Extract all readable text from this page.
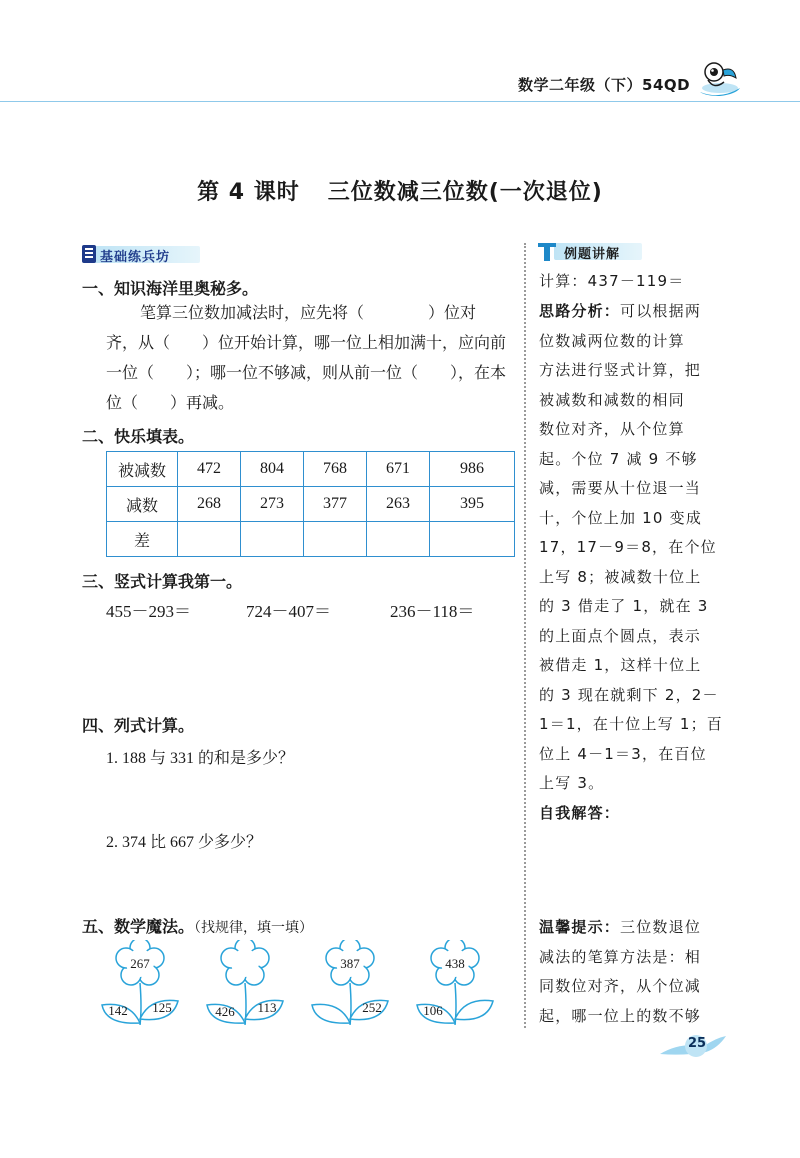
数学二年级（下）54QD
第 4 课时 三位数减三位数(一次退位)
基础练兵坊
一、知识海洋里奥秘多。
笔算三位数加减法时，应先将（　　　　）位对
齐，从（　　）位开始计算，哪一位上相加满十，应向前
一位（　　）；哪一位不够减，则从前一位（　　），在本
位（　　）再减。
二、快乐填表。
被减数	472	804	768	671	986
减数	268	273	377	263	395
差					
三、竖式计算我第一。
455－293＝	724－407＝	236－118＝
四、列式计算。
1. 188 与 331 的和是多少？
2. 374 比 667 少多少？
五、数学魔法。（找规律，填一填）
267
142 125	426 113
387
252
438
106
例题讲解
计算：437－119＝
思路分析：可以根据两
位数减两位数的计算
方法进行竖式计算，把
被减数和减数的相同
数位对齐，从个位算
起。个位 7 减 9 不够
减，需要从十位退一当
十，个位上加 10 变成
17，17－9＝8，在个位
上写 8；被减数十位上
的 3 借走了 1，就在 3
的上面点个圆点，表示
被借走 1，这样十位上
的 3 现在就剩下 2，2－
1＝1，在十位上写 1；百
位上 4－1＝3，在百位
上写 3。
自我解答：
温馨提示：三位数退位
减法的笔算方法是：相
同数位对齐，从个位减
起，哪一位上的数不够
25
